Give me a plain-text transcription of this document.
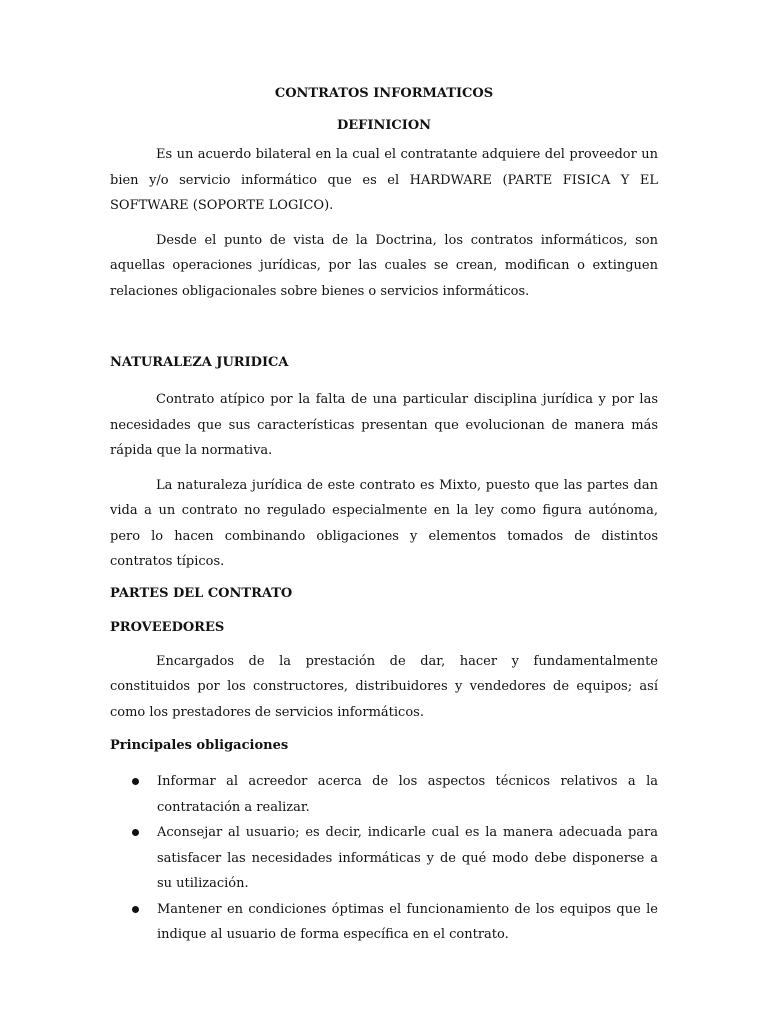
CONTRATOS INFORMATICOS
DEFINICION

Es un acuerdo bilateral en la cual el contratante adquiere del proveedor un bien y/o servicio informático que es el HARDWARE (PARTE FISICA Y EL SOFTWARE (SOPORTE LOGICO).

Desde el punto de vista de la Doctrina, los contratos informáticos, son aquellas operaciones jurídicas, por las cuales se crean, modifican o extinguen relaciones obligacionales sobre bienes o servicios informáticos.

NATURALEZA JURIDICA

Contrato atípico por la falta de una particular disciplina jurídica y por las necesidades que sus características presentan que evolucionan de manera más rápida que la normativa.

La naturaleza jurídica de este contrato es Mixto, puesto que las partes dan vida a un contrato no regulado especialmente en la ley como figura autónoma, pero lo hacen combinando obligaciones y elementos tomados de distintos contratos típicos.

PARTES DEL CONTRATO
PROVEEDORES

Encargados de la prestación de dar, hacer y fundamentalmente constituidos por los constructores, distribuidores y vendedores de equipos; así como los prestadores de servicios informáticos.

Principales obligaciones
Informar al acreedor acerca de los aspectos técnicos relativos a la contratación a realizar.
Aconsejar al usuario; es decir, indicarle cual es la manera adecuada para satisfacer las necesidades informáticas y de qué modo debe disponerse a su utilización.
Mantener en condiciones óptimas el funcionamiento de los equipos que le indique al usuario de forma específica en el contrato.
